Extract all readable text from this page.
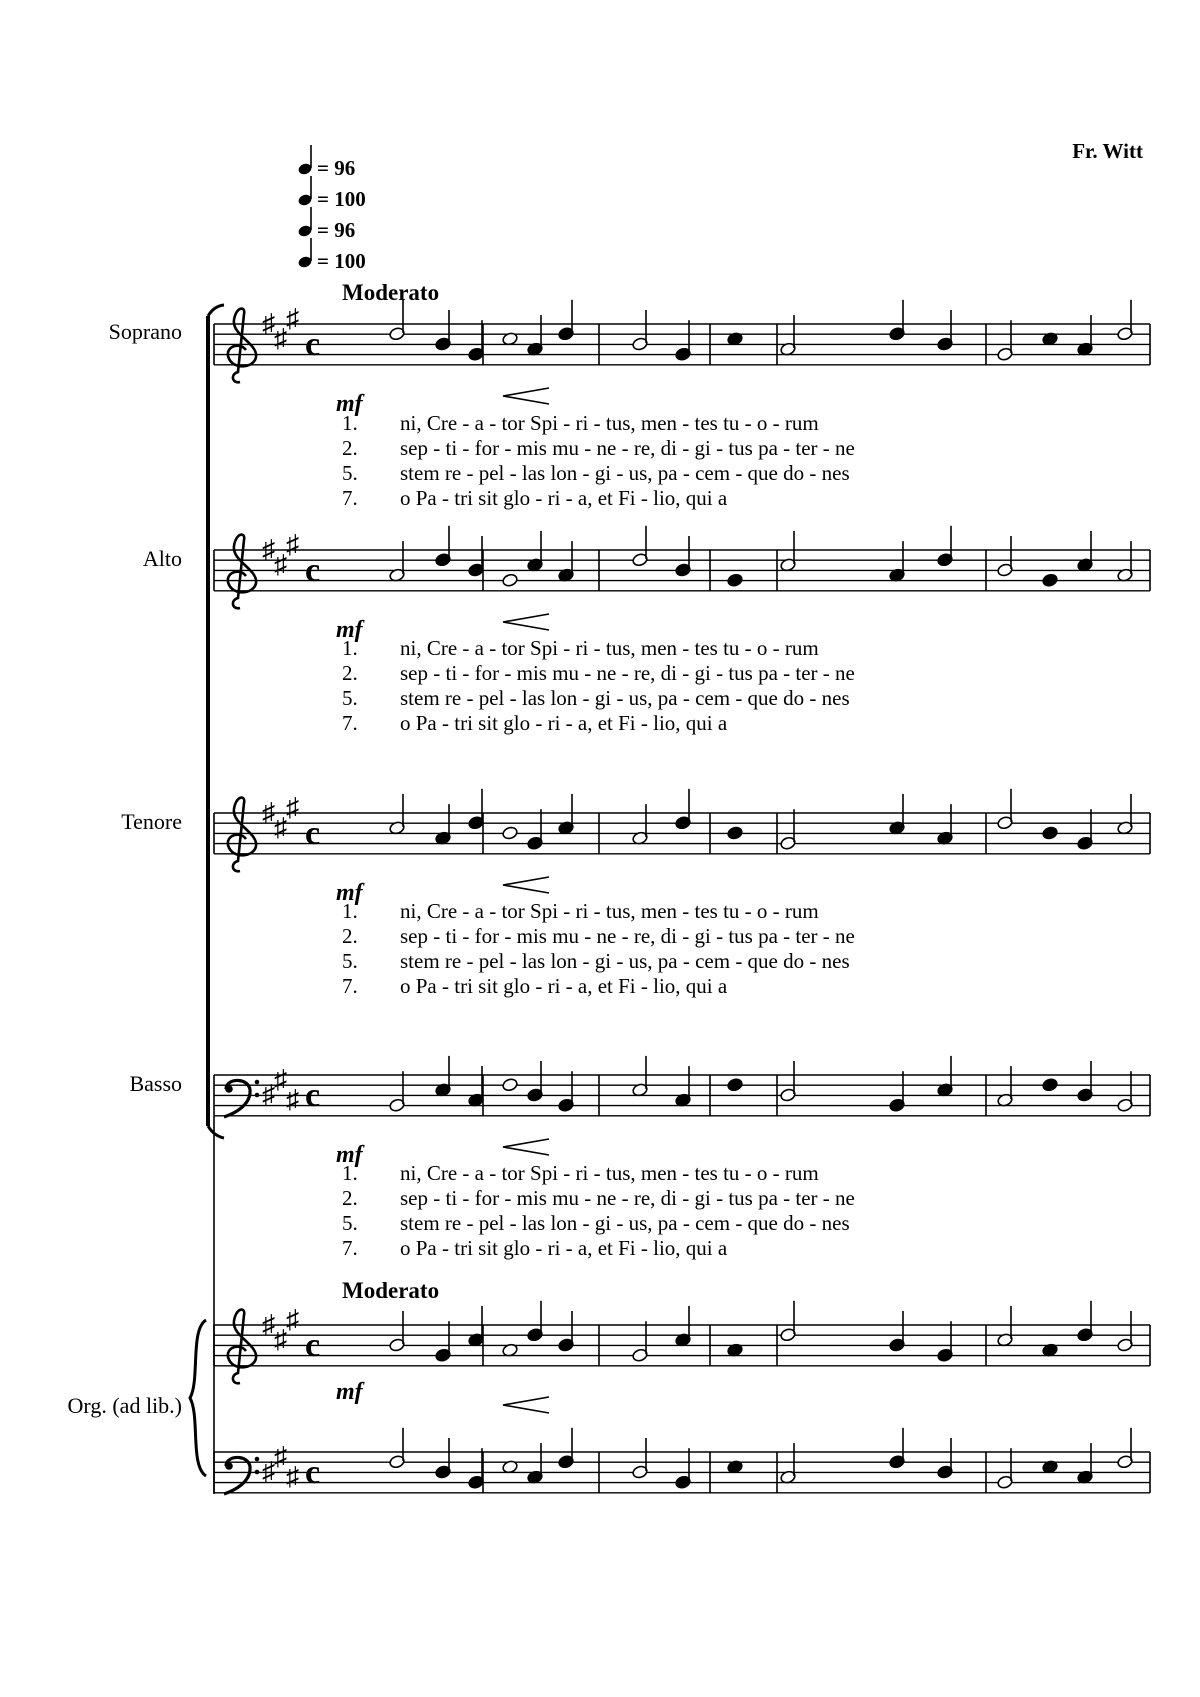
Fr. Witt
= 96
= 100
= 96
= 100
Moderato
Moderato
♯
♯
♯
c
mf
♯
♯
♯
c
mf
♯
♯
♯
c
mf
♯
♯
♯ c
mf
♯
♯
♯
c
mf
♯
♯
♯ c
Soprano
Alto
Tenore
Basso
Org. (ad lib.)
1. ni, Cre - a - tor Spi - ri - tus, men - tes tu - o - rum
2. sep - ti - for - mis mu - ne - re, di - gi - tus pa - ter - ne
5. stem re - pel - las lon - gi - us, pa - cem - que do - nes
7. o Pa - tri sit glo - ri - a, et Fi - lio, qui a
1. ni, Cre - a - tor Spi - ri - tus, men - tes tu - o - rum
2. sep - ti - for - mis mu - ne - re, di - gi - tus pa - ter - ne
5. stem re - pel - las lon - gi - us, pa - cem - que do - nes
7. o Pa - tri sit glo - ri - a, et Fi - lio, qui a
1. ni, Cre - a - tor Spi - ri - tus, men - tes tu - o - rum
2. sep - ti - for - mis mu - ne - re, di - gi - tus pa - ter - ne
5. stem re - pel - las lon - gi - us, pa - cem - que do - nes
7. o Pa - tri sit glo - ri - a, et Fi - lio, qui a
1. ni, Cre - a - tor Spi - ri - tus, men - tes tu - o - rum
2. sep - ti - for - mis mu - ne - re, di - gi - tus pa - ter - ne
5. stem re - pel - las lon - gi - us, pa - cem - que do - nes
7. o Pa - tri sit glo - ri - a, et Fi - lio, qui a
